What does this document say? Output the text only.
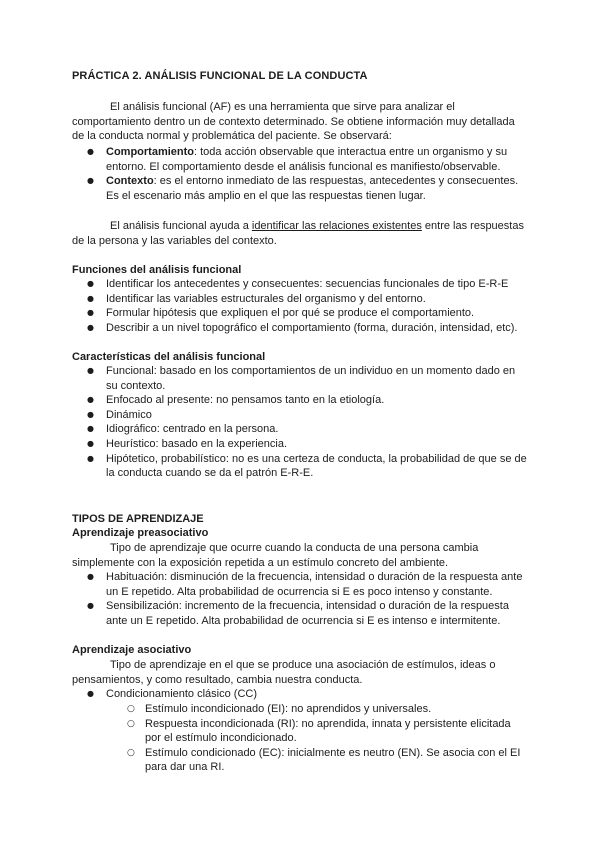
PRÁCTICA 2. ANÁLISIS FUNCIONAL DE LA CONDUCTA

El análisis funcional (AF) es una herramienta que sirve para analizar el comportamiento dentro un de contexto determinado. Se obtiene información muy detallada de la conducta normal y problemática del paciente. Se observará:

● Comportamiento: toda acción observable que interactua entre un organismo y su entorno. El comportamiento desde el análisis funcional es manifiesto/observable.
● Contexto: es el entorno inmediato de las respuestas, antecedentes y consecuentes. Es el escenario más amplio en el que las respuestas tienen lugar.

El análisis funcional ayuda a identificar las relaciones existentes entre las respuestas de la persona y las variables del contexto.

Funciones del análisis funcional

● Identificar los antecedentes y consecuentes: secuencias funcionales de tipo E-R-E
● Identificar las variables estructurales del organismo y del entorno.
● Formular hipótesis que expliquen el por qué se produce el comportamiento.
● Describir a un nivel topográfico el comportamiento (forma, duración, intensidad, etc).

Características del análisis funcional

● Funcional: basado en los comportamientos de un individuo en un momento dado en su contexto.
● Enfocado al presente: no pensamos tanto en la etiología.
● Dinámico
● Idiográfico: centrado en la persona.
● Heurístico: basado en la experiencia.
● Hipótetico, probabilístico: no es una certeza de conducta, la probabilidad de que se de la conducta cuando se da el patrón E-R-E.

TIPOS DE APRENDIZAJE

Aprendizaje preasociativo

Tipo de aprendizaje que ocurre cuando la conducta de una persona cambia simplemente con la exposición repetida a un estímulo concreto del ambiente.

● Habituación: disminución de la frecuencia, intensidad o duración de la respuesta ante un E repetido. Alta probabilidad de ocurrencia si E es poco intenso y constante.
● Sensibilización: incremento de la frecuencia, intensidad o duración de la respuesta ante un E repetido. Alta probabilidad de ocurrencia si E es intenso e intermitente.

Aprendizaje asociativo

Tipo de aprendizaje en el que se produce una asociación de estímulos, ideas o pensamientos, y como resultado, cambia nuestra conducta.

● Condicionamiento clásico (CC)
○ Estímulo incondicionado (EI): no aprendidos y universales.
○ Respuesta incondicionada (RI): no aprendida, innata y persistente elicitada por el estímulo incondicionado.
○ Estímulo condicionado (EC): inicialmente es neutro (EN). Se asocia con el EI para dar una RI.
